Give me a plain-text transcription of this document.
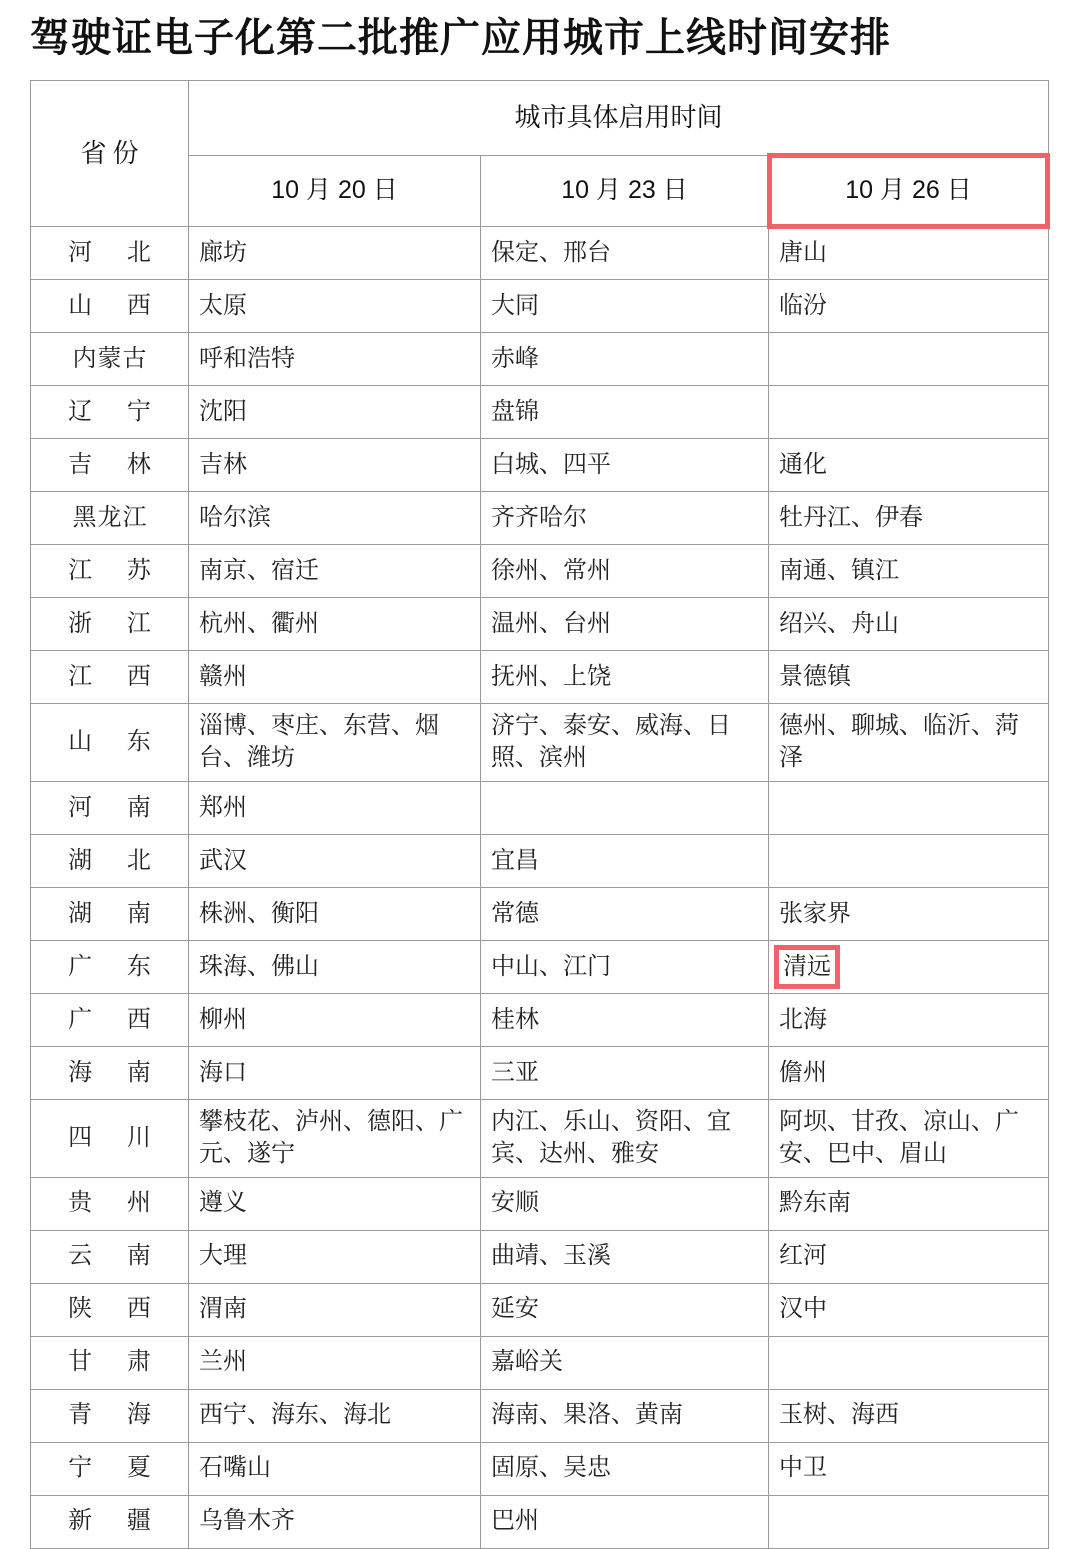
驾驶证电子化第二批推广应用城市上线时间安排
省份	城市具体启用时间		
	10 月 20 日	10 月 23 日	10 月 26 日
河 北	廊坊	保定、邢台	唐山
山 西	太原	大同	临汾
内蒙古	呼和浩特	赤峰	
辽 宁	沈阳	盘锦	
吉 林	吉林	白城、四平	通化
黑龙江	哈尔滨	齐齐哈尔	牡丹江、伊春
江 苏	南京、宿迁	徐州、常州	南通、镇江
浙 江	杭州、衢州	温州、台州	绍兴、舟山
江 西	赣州	抚州、上饶	景德镇
山 东	淄博、枣庄、东营、烟台、潍坊	济宁、泰安、威海、日照、滨州	德州、聊城、临沂、菏泽
河 南	郑州		
湖 北	武汉	宜昌	
湖 南	株洲、衡阳	常德	张家界
广 东	珠海、佛山	中山、江门	清远
广 西	柳州	桂林	北海
海 南	海口	三亚	儋州
四 川	攀枝花、泸州、德阳、广元、遂宁	内江、乐山、资阳、宜宾、达州、雅安	阿坝、甘孜、凉山、广安、巴中、眉山
贵 州	遵义	安顺	黔东南
云 南	大理	曲靖、玉溪	红河
陕 西	渭南	延安	汉中
甘 肃	兰州	嘉峪关	
青 海	西宁、海东、海北	海南、果洛、黄南	玉树、海西
宁 夏	石嘴山	固原、吴忠	中卫
新 疆	乌鲁木齐	巴州	
